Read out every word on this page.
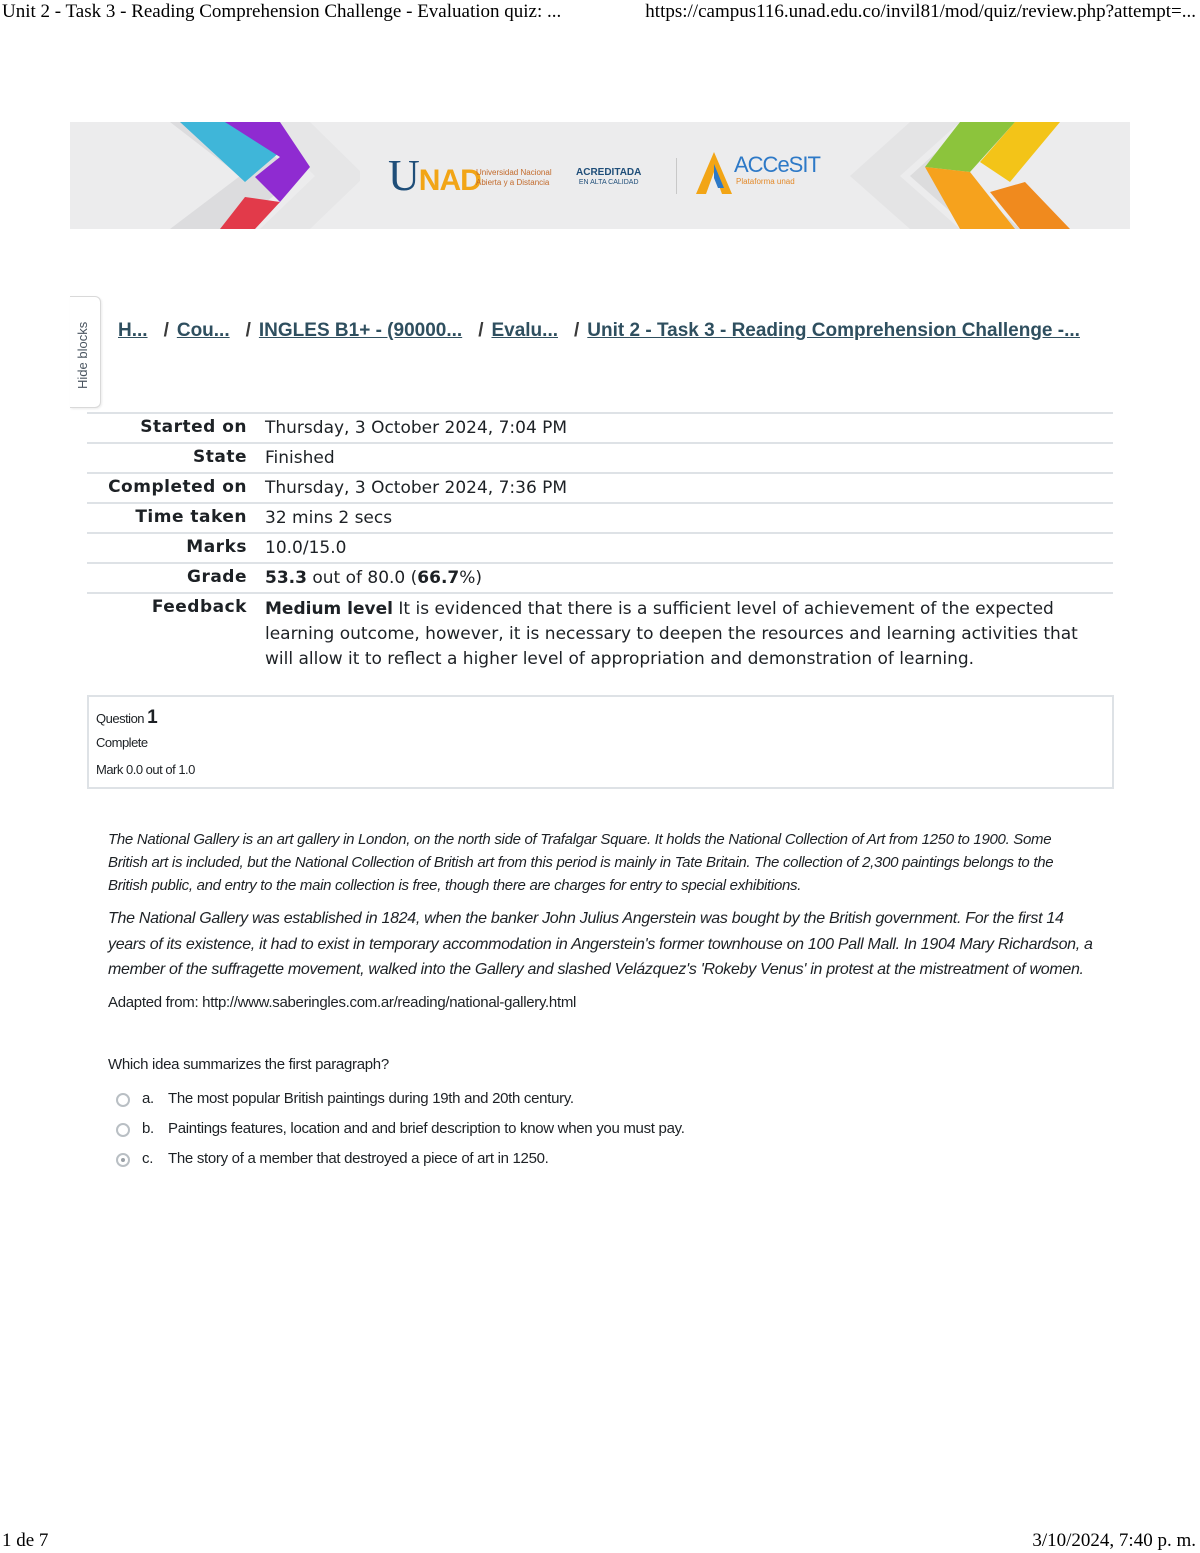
Unit 2 - Task 3 - Reading Comprehension Challenge - Evaluation quiz: ...	https://campus116.unad.edu.co/invil81/mod/quiz/review.php?attempt=...
UNAD
Universidad Nacional
Abierta y a Distancia
ACREDITADA
EN ALTA CALIDAD
ACCeSIT
Plataforma unad
Hide blocks H... / Cou... / INGLES B1+ - (90000... / Evalu... / Unit 2 - Task 3 - Reading Comprehension Challenge -...
Started on	Thursday, 3 October 2024, 7:04 PM
State	Finished
Completed on	Thursday, 3 October 2024, 7:36 PM
Time taken	32 mins 2 secs
Marks	10.0/15.0
Grade	53.3 out of 80.0 (66.7%)
Feedback	Medium level It is evidenced that there is a sufficient level of achievement of the expected learning outcome, however, it is necessary to deepen the resources and learning activities that will allow it to reflect a higher level of appropriation and demonstration of learning.
Question 1
Complete
Mark 0.0 out of 1.0

The National Gallery is an art gallery in London, on the north side of Trafalgar Square. It holds the National Collection of Art from 1250 to 1900. Some British art is included, but the National Collection of British art from this period is mainly in Tate Britain. The collection of 2,300 paintings belongs to the British public, and entry to the main collection is free, though there are charges for entry to special exhibitions.

The National Gallery was established in 1824, when the banker John Julius Angerstein was bought by the British government. For the first 14 years of its existence, it had to exist in temporary accommodation in Angerstein's former townhouse on 100 Pall Mall. In 1904 Mary Richardson, a member of the suffragette movement, walked into the Gallery and slashed Velázquez's 'Rokeby Venus' in protest at the mistreatment of women.

Adapted from: http://www.saberingles.com.ar/reading/national-gallery.html

Which idea summarizes the first paragraph?

a. The most popular British paintings during 19th and 20th century.
b. Paintings features, location and and brief description to know when you must pay.
c. The story of a member that destroyed a piece of art in 1250.
1 de 7	3/10/2024, 7:40 p. m.
